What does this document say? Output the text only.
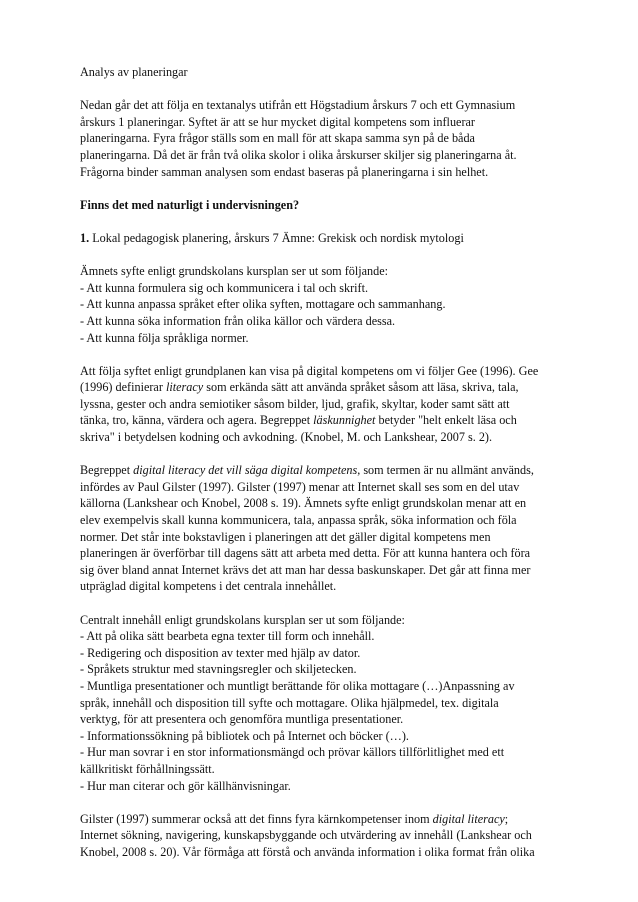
Analys av planeringar

Nedan går det att följa en textanalys utifrån ett Högstadium årskurs 7 och ett Gymnasium
årskurs 1 planeringar. Syftet är att se hur mycket digital kompetens som influerar
planeringarna. Fyra frågor ställs som en mall för att skapa samma syn på de båda
planeringarna. Då det är från två olika skolor i olika årskurser skiljer sig planeringarna åt.
Frågorna binder samman analysen som endast baseras på planeringarna i sin helhet.

Finns det med naturligt i undervisningen?

1. Lokal pedagogisk planering, årskurs 7 Ämne: Grekisk och nordisk mytologi

Ämnets syfte enligt grundskolans kursplan ser ut som följande:
- Att kunna formulera sig och kommunicera i tal och skrift.
- Att kunna anpassa språket efter olika syften, mottagare och sammanhang.
- Att kunna söka information från olika källor och värdera dessa.
- Att kunna följa språkliga normer.
Att följa syftet enligt grundplanen kan visa på digital kompetens om vi följer Gee (1996). Gee
(1996) definierar literacy som erkända sätt att använda språket såsom att läsa, skriva, tala,
lyssna, gester och andra semiotiker såsom bilder, ljud, grafik, skyltar, koder samt sätt att
tänka, tro, känna, värdera och agera. Begreppet läskunnighet betyder "helt enkelt läsa och
skriva" i betydelsen kodning och avkodning. (Knobel, M. och Lankshear, 2007 s. 2).
Begreppet digital literacy det vill säga digital kompetens, som termen är nu allmänt används,
infördes av Paul Gilster (1997). Gilster (1997) menar att Internet skall ses som en del utav
källorna (Lankshear och Knobel, 2008 s. 19). Ämnets syfte enligt grundskolan menar att en
elev exempelvis skall kunna kommunicera, tala, anpassa språk, söka information och föla
normer. Det står inte bokstavligen i planeringen att det gäller digital kompetens men
planeringen är överförbar till dagens sätt att arbeta med detta. För att kunna hantera och föra
sig över bland annat Internet krävs det att man har dessa baskunskaper. Det går att finna mer
utpräglad digital kompetens i det centrala innehållet.
Centralt innehåll enligt grundskolans kursplan ser ut som följande:
- Att på olika sätt bearbeta egna texter till form och innehåll.
- Redigering och disposition av texter med hjälp av dator.
- Språkets struktur med stavningsregler och skiljetecken.
- Muntliga presentationer och muntligt berättande för olika mottagare (…)Anpassning av
språk, innehåll och disposition till syfte och mottagare. Olika hjälpmedel, tex. digitala
verktyg, för att presentera och genomföra muntliga presentationer.
- Informationssökning på bibliotek och på Internet och böcker (…).
- Hur man sovrar i en stor informationsmängd och prövar källors tillförlitlighet med ett
källkritiskt förhållningssätt.
- Hur man citerar och gör källhänvisningar.
Gilster (1997) summerar också att det finns fyra kärnkompetenser inom digital literacy;
Internet sökning, navigering, kunskapsbyggande och utvärdering av innehåll (Lankshear och
Knobel, 2008 s. 20). Vår förmåga att förstå och använda information i olika format från olika
